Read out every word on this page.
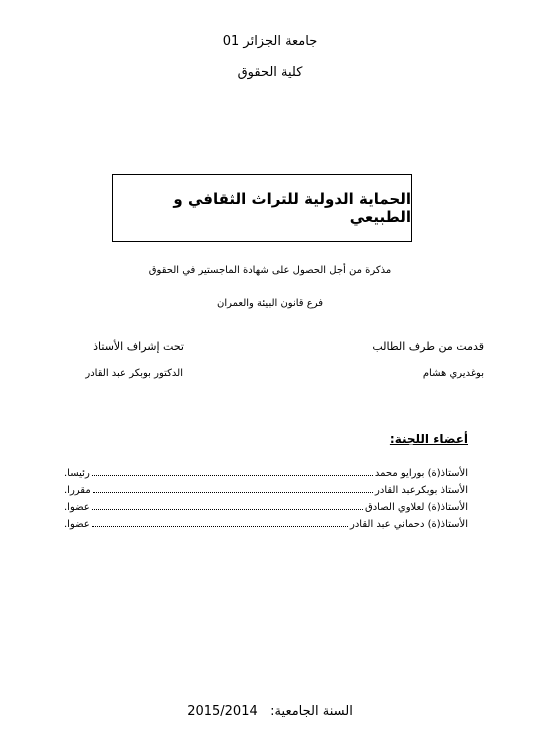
جامعة الجزائر 01
كلية الحقوق
الحماية الدولية للتراث الثقافي و الطبيعي
مذكرة من أجل الحصول على شهادة الماجستير في الحقوق
فرع قانون البيئة والعمران
قدمت من طرف الطالب
تحت إشراف الأستاذ
بوغديري هشام
الدكتور بوبكر عبد القادر
أعضاء اللجنة:
الأستاذ(ة) بورايو محمد
رئيسا.
الأستاذ بوبكرعبد القادر
مقررا.
الأستاذ(ة) لعلاوي الصادق
عضوا.
الأستاذ(ة) دحماني عبد القادر
عضوا.
السنة الجامعية:   2015/2014
